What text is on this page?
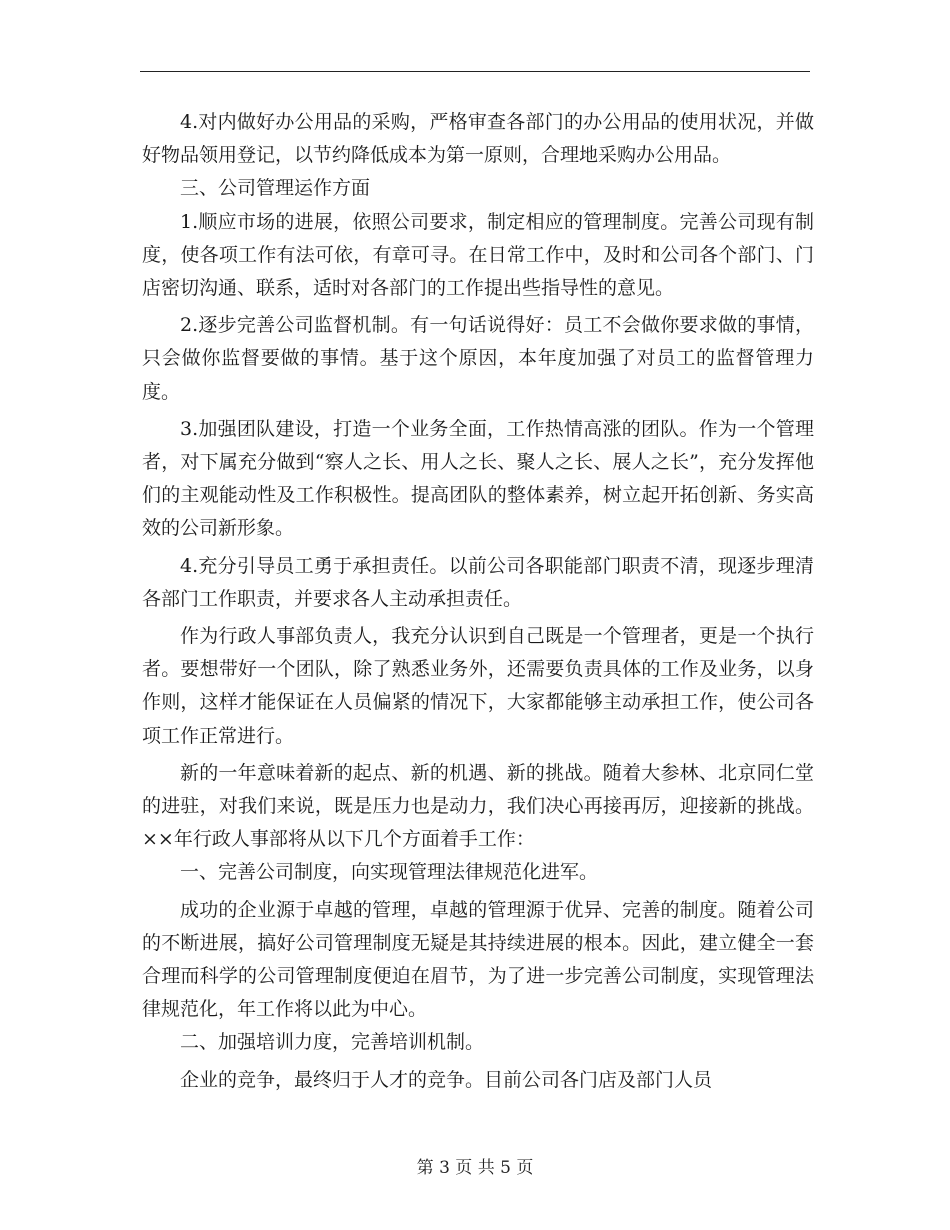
4.对内做好办公用品的采购，严格审查各部门的办公用品的使用状况，并做好物品领用登记，以节约降低成本为第一原则，合理地采购办公用品。

三、公司管理运作方面

1.顺应市场的进展，依照公司要求，制定相应的管理制度。完善公司现有制度，使各项工作有法可依，有章可寻。在日常工作中，及时和公司各个部门、门店密切沟通、联系，适时对各部门的工作提出些指导性的意见。

2.逐步完善公司监督机制。有一句话说得好：员工不会做你要求做的事情，只会做你监督要做的事情。基于这个原因，本年度加强了对员工的监督管理力度。

3.加强团队建设，打造一个业务全面，工作热情高涨的团队。作为一个管理者，对下属充分做到“察人之长、用人之长、聚人之长、展人之长”，充分发挥他们的主观能动性及工作积极性。提高团队的整体素养，树立起开拓创新、务实高效的公司新形象。

4.充分引导员工勇于承担责任。以前公司各职能部门职责不清，现逐步理清各部门工作职责，并要求各人主动承担责任。

作为行政人事部负责人，我充分认识到自己既是一个管理者，更是一个执行者。要想带好一个团队，除了熟悉业务外，还需要负责具体的工作及业务，以身作则，这样才能保证在人员偏紧的情况下，大家都能够主动承担工作，使公司各项工作正常进行。

新的一年意味着新的起点、新的机遇、新的挑战。随着大参林、北京同仁堂的进驻，对我们来说，既是压力也是动力，我们决心再接再厉，迎接新的挑战。××年行政人事部将从以下几个方面着手工作：

一、完善公司制度，向实现管理法律规范化进军。

成功的企业源于卓越的管理，卓越的管理源于优异、完善的制度。随着公司的不断进展，搞好公司管理制度无疑是其持续进展的根本。因此，建立健全一套合理而科学的公司管理制度便迫在眉节，为了进一步完善公司制度，实现管理法律规范化，年工作将以此为中心。

二、加强培训力度，完善培训机制。

企业的竞争，最终归于人才的竞争。目前公司各门店及部门人员

第 3 页 共 5 页
